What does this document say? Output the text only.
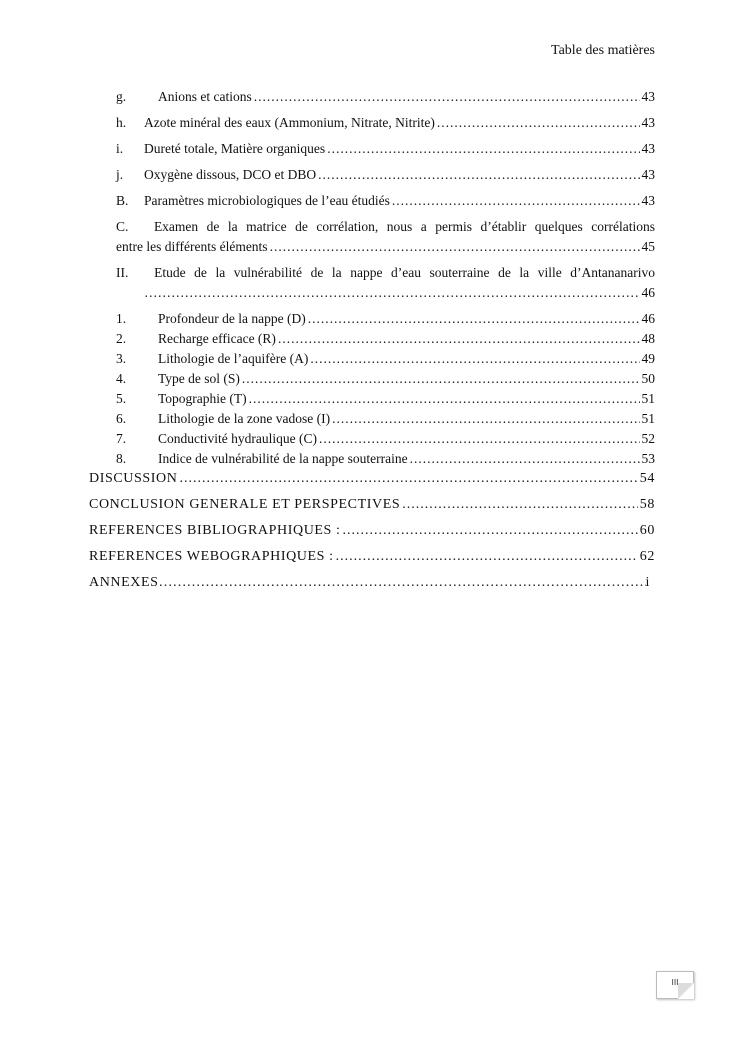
Table des matières
g.	Anions et cations .....	43
h.	Azote minéral des eaux (Ammonium, Nitrate, Nitrite) .....	43
i.	Dureté totale, Matière organiques .....	43
j.	Oxygène dissous, DCO et DBO .....	43
B.	Paramètres microbiologiques de l’eau étudiés .....	43
C. Examen de la matrice de corrélation, nous a permis d’établir quelques corrélations
entre les différents éléments .....	45
II. Etude de la vulnérabilité de la nappe d’eau souterraine de la ville d’Antananarivo
……………………………………………………………………………………………………………………………………
46
1.	Profondeur de la nappe (D) .....	46
2.	Recharge efficace (R) .....	48
3.	Lithologie de l’aquifère (A) .....	49
4.	Type de sol (S) .....	50
5.	Topographie (T) .....	51
6.	Lithologie de la zone vadose (I) .....	51
7.	Conductivité hydraulique (C) .....	52
8.	Indice de vulnérabilité de la nappe souterraine .....	53
DISCUSSION .....	54
CONCLUSION GENERALE ET PERSPECTIVES .....	58
REFERENCES BIBLIOGRAPHIQUES : .....	60
REFERENCES WEBOGRAPHIQUES : .....	62
ANNEXES ……………………………………………………………………………………………………………………………………	i
III
